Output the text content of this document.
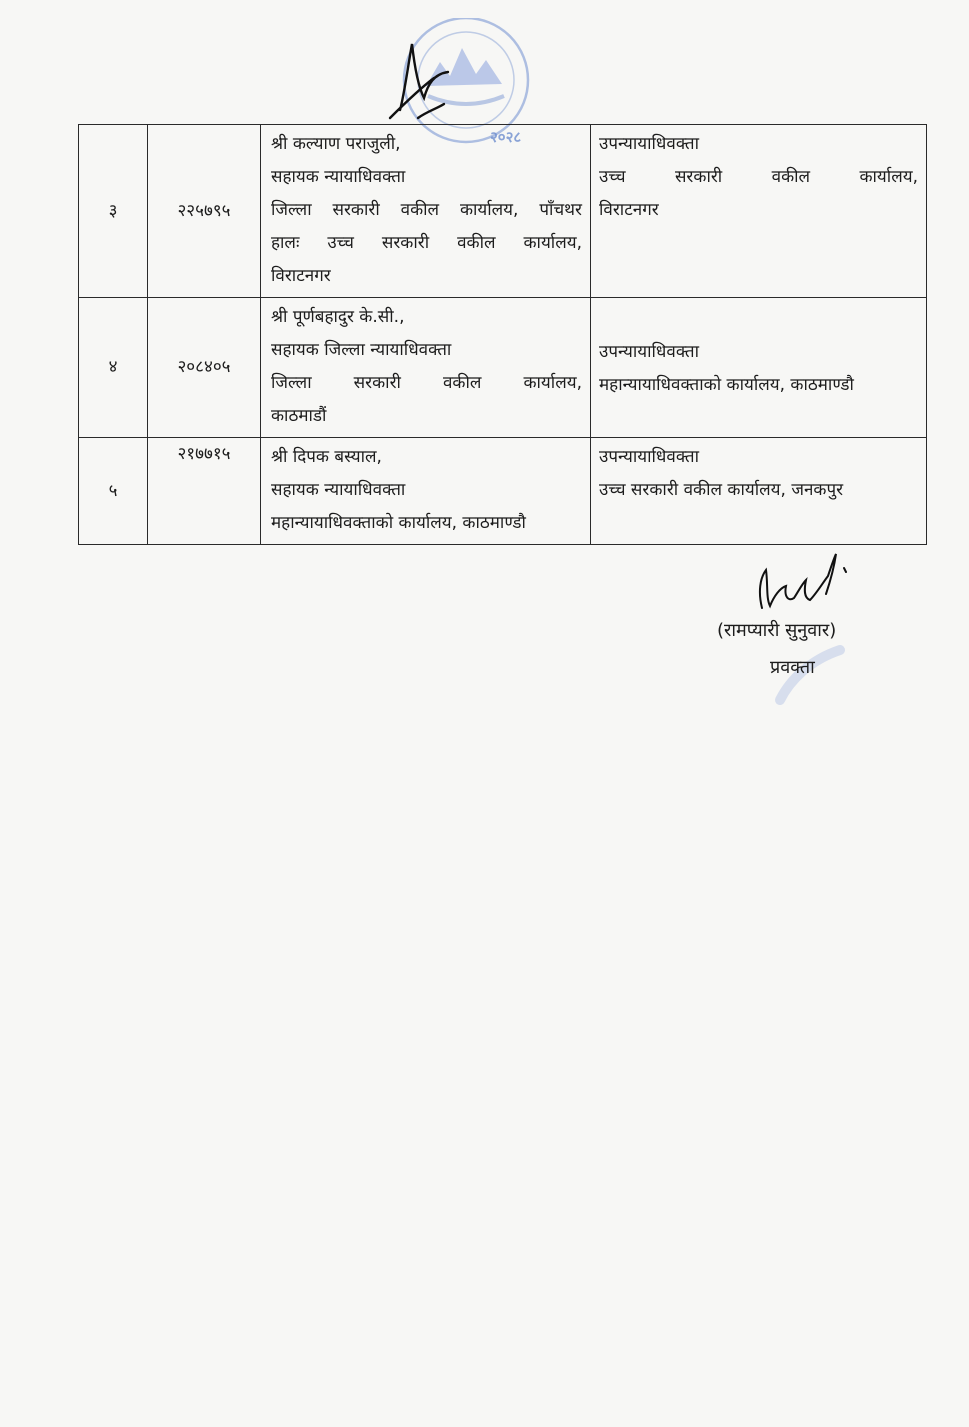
२०२८
३	२२५७९५	श्री कल्याण पराजुली,
सहायक न्यायाधिवक्ता
जिल्ला सरकारी वकील कार्यालय, पाँचथर
हालः उच्च सरकारी वकील कार्यालय,
विराटनगर	उपन्यायाधिवक्ता
उच्च सरकारी वकील कार्यालय,
विराटनगर

४	२०८४०५	श्री पूर्णबहादुर के.सी.,
सहायक जिल्ला न्यायाधिवक्ता
जिल्ला सरकारी वकील कार्यालय,
काठमाडौं	उपन्यायाधिवक्ता
महान्यायाधिवक्ताको कार्यालय, काठमाण्डौ

५	२१७७१५	श्री दिपक बस्याल,
सहायक न्यायाधिवक्ता
महान्यायाधिवक्ताको कार्यालय, काठमाण्डौ	उपन्यायाधिवक्ता
उच्च सरकारी वकील कार्यालय, जनकपुर
(रामप्यारी सुनुवार)
प्रवक्ता
